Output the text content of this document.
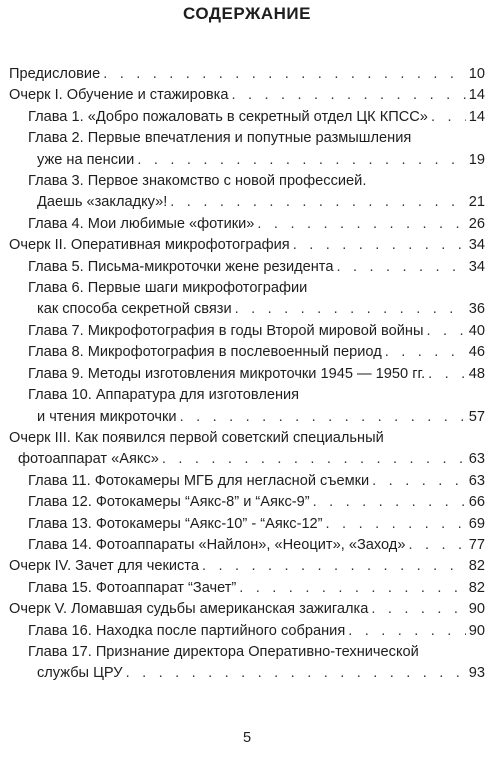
СОДЕРЖАНИЕ
Предисловие . . .	10
Очерк I. Обучение и стажировка . . .	14
Глава 1. «Добро пожаловать в секретный отдел ЦК КПСС» . . .	14
Глава 2. Первые впечатления и попутные размышления
уже на пенсии . . .	19
Глава 3. Первое знакомство с новой профессией.
Даешь «закладку»! . . .	21
Глава 4. Мои любимые «фотики» . . .	26
Очерк II. Оперативная микрофотография . . .	34
Глава 5. Письма-микроточки жене резидента . . .	34
Глава 6. Первые шаги микрофотографии
как способа секретной связи . . .	36
Глава 7. Микрофотография в годы Второй мировой войны . . .	40
Глава 8. Микрофотография в послевоенный период . . .	46
Глава 9. Методы изготовления микроточки 1945 — 1950 гг. . . .	48
Глава 10. Аппаратура для изготовления
и чтения микроточки . . .	57
Очерк III. Как появился первой советский специальный
фотоаппарат «Аякс» . . .	63
Глава 11. Фотокамеры МГБ для негласной съемки . . .	63
Глава 12. Фотокамеры “Аякс-8” и “Аякс-9” . . .	66
Глава 13. Фотокамеры “Аякс-10” - “Аякс-12” . . .	69
Глава 14. Фотоаппараты «Найлон», «Неоцит», «Заход» . . .	77
Очерк IV. Зачет для чекиста . . .	82
Глава 15. Фотоаппарат “Зачет” . . .	82
Очерк V. Ломавшая судьбы американская зажигалка . . .	90
Глава 16. Находка после партийного собрания . . .	90
Глава 17. Признание директора Оперативно-технической
службы ЦРУ . . .	93
5
